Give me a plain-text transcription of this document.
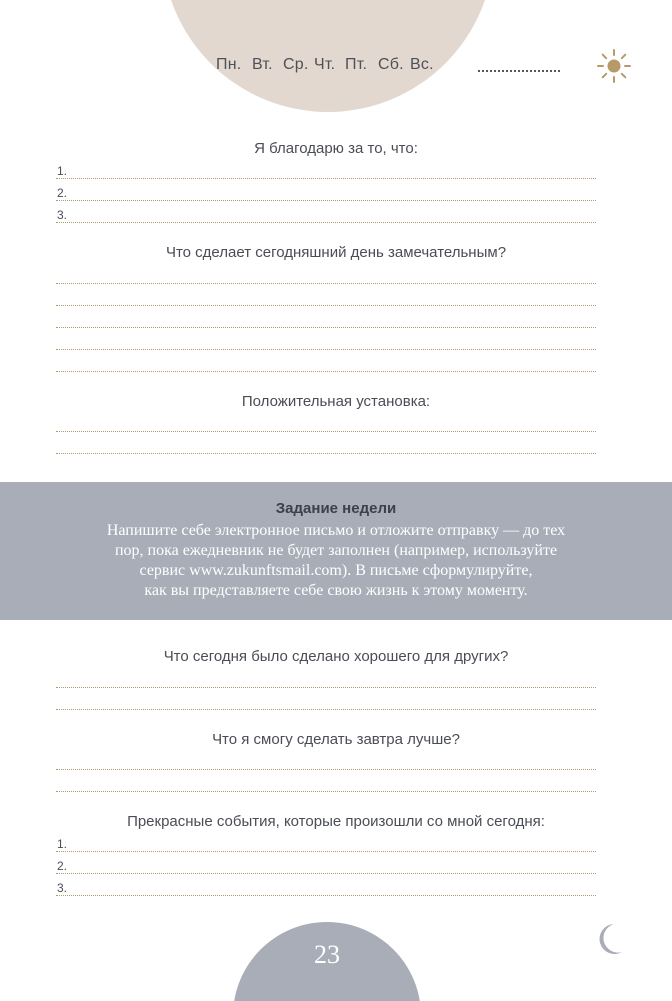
Пн. Вт. Ср. Чт. Пт. Сб. Вс.
Я благодарю за то, что:
1.
2.
3.
Что сделает сегодняшний день замечательным?
Положительная установка:
Задание недели
Напишите себе электронное письмо и отложите отправку — до тех
пор, пока ежедневник не будет заполнен (например, используйте
сервис www.zukunftsmail.com). В письме сформулируйте,
как вы представляете себе свою жизнь к этому моменту.
Что сегодня было сделано хорошего для других?
Что я смогу сделать завтра лучше?
Прекрасные события, которые произошли со мной сегодня:
1.
2.
3.
23
